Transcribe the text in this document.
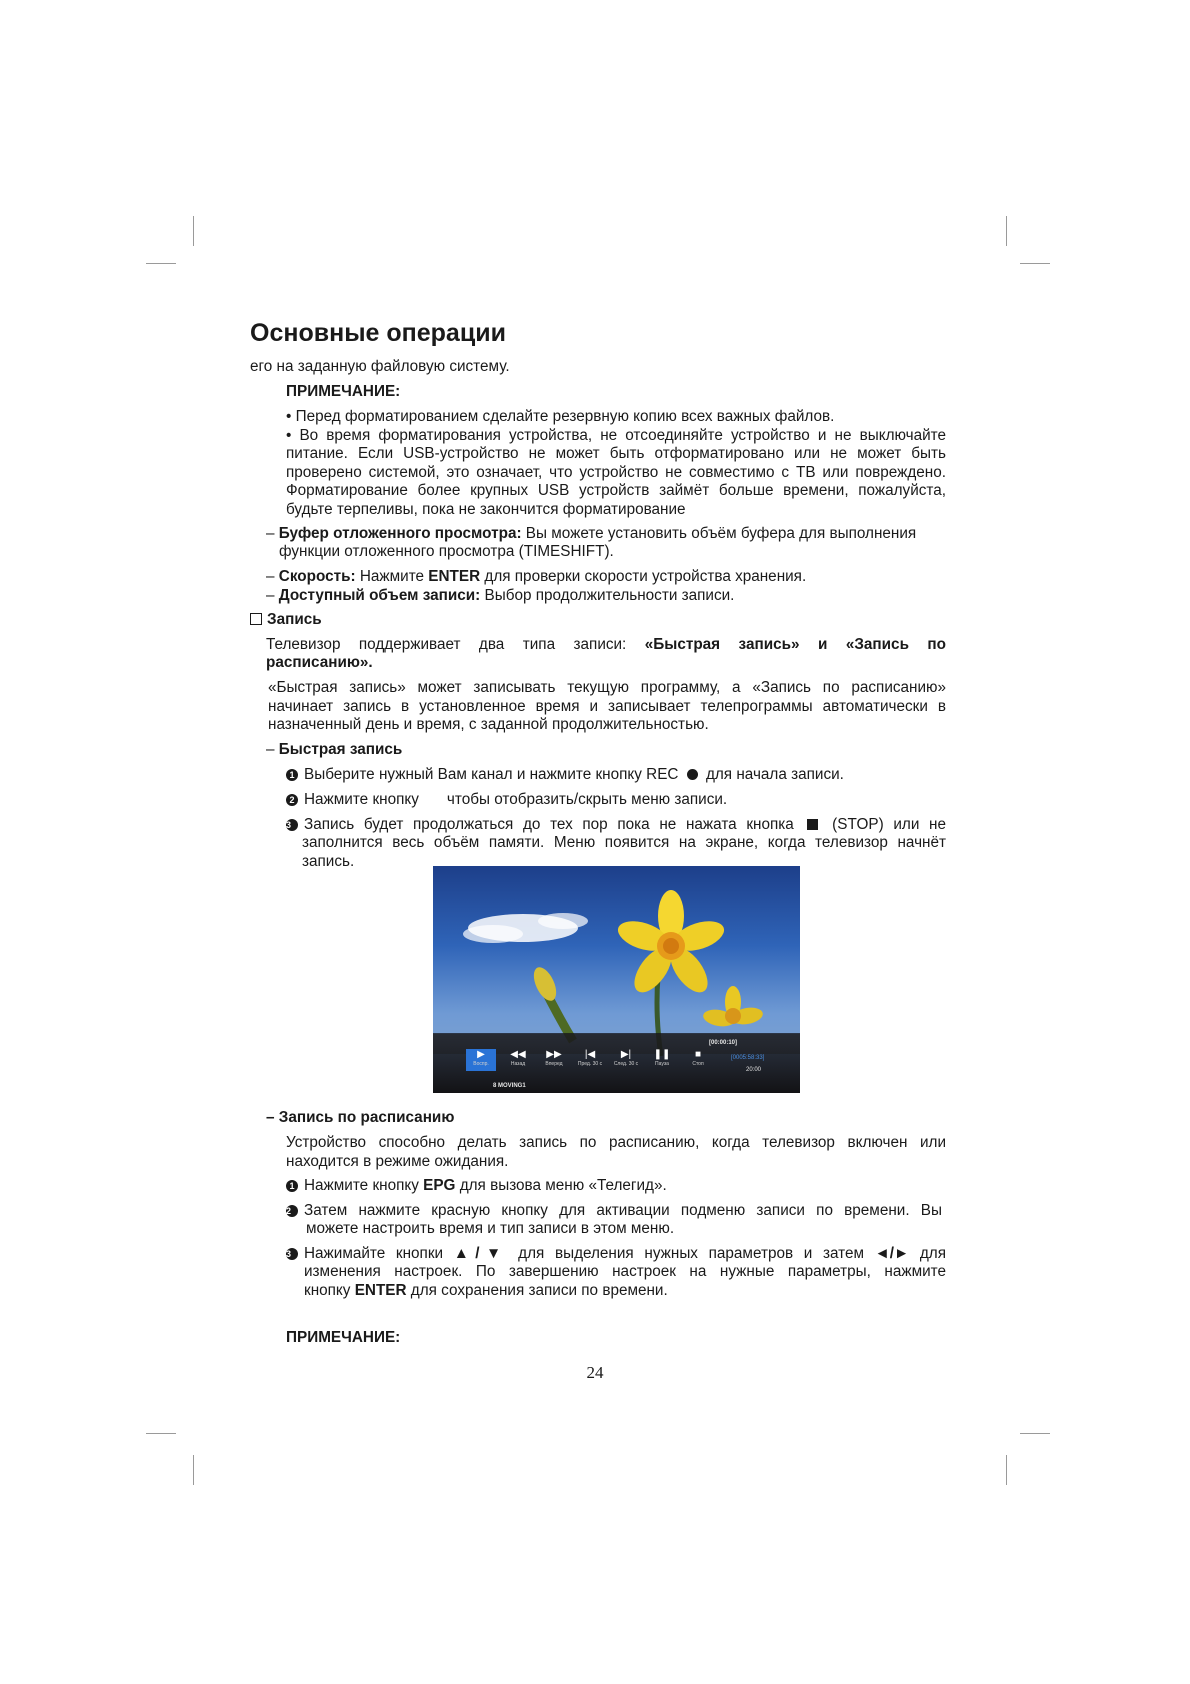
Основные операции
его на заданную файловую систему.
ПРИМЕЧАНИЕ:
• Перед форматированием сделайте резервную копию всех важных файлов.
• Во время форматирования устройства, не отсоединяйте устройство и не выключайте
питание. Если USB-устройство не может быть отформатировано или не может быть
проверено системой, это означает, что устройство не совместимо с ТВ или повреждено.
Форматирование более крупных USB устройств займёт больше времени, пожалуйста,
будьте терпеливы, пока не закончится форматирование
– Буфер отложенного просмотра: Вы можете установить объём буфера для выполнения
функции отложенного просмотра (TIMESHIFT).
– Скорость: Нажмите ENTER для проверки скорости устройства хранения.
– Доступный объем записи: Выбор продолжительности записи.
Запись
Телевизор поддерживает два типа записи: «Быстрая запись» и «Запись по
расписанию».
«Быстрая запись» может записывать текущую программу, а «Запись по расписанию»
начинает запись в установленное время и записывает телепрограммы автоматически в
назначенный день и время, с заданной продолжительностью.
– Быстрая запись
1 Выберите нужный Вам канал и нажмите кнопку REC для начала записи.
2 Нажмите кнопку чтобы отобразить/скрыть меню записи.
3 Запись будет продолжаться до тех пор пока не нажата кнопка	(STOP) или не
заполнится весь объём памяти. Меню появится на экране, когда телевизор начнёт
запись.
[00:00:10]
▶
Воспр.
◀◀
Назад
▶▶
Вперед
|◀
Пред. 30 с
▶|
След. 30 с
❚❚
Пауза
■
Стоп
[0005:58:33]
20:00
8 MOVING1
– Запись по расписанию
Устройство способно делать запись по расписанию, когда телевизор включен или
находится в режиме ожидания.
1 Нажмите кнопку EPG для вызова меню «Телегид».
2 Затем нажмите красную кнопку для активации подменю записи по времени. Вы
можете настроить время и тип записи в этом меню.
3 Нажимайте кнопки ▲/▼ для выделения нужных параметров и затем ◄/► для
изменения настроек. По завершению настроек на нужные параметры, нажмите
кнопку ENTER для сохранения записи по времени.
ПРИМЕЧАНИЕ:
24
